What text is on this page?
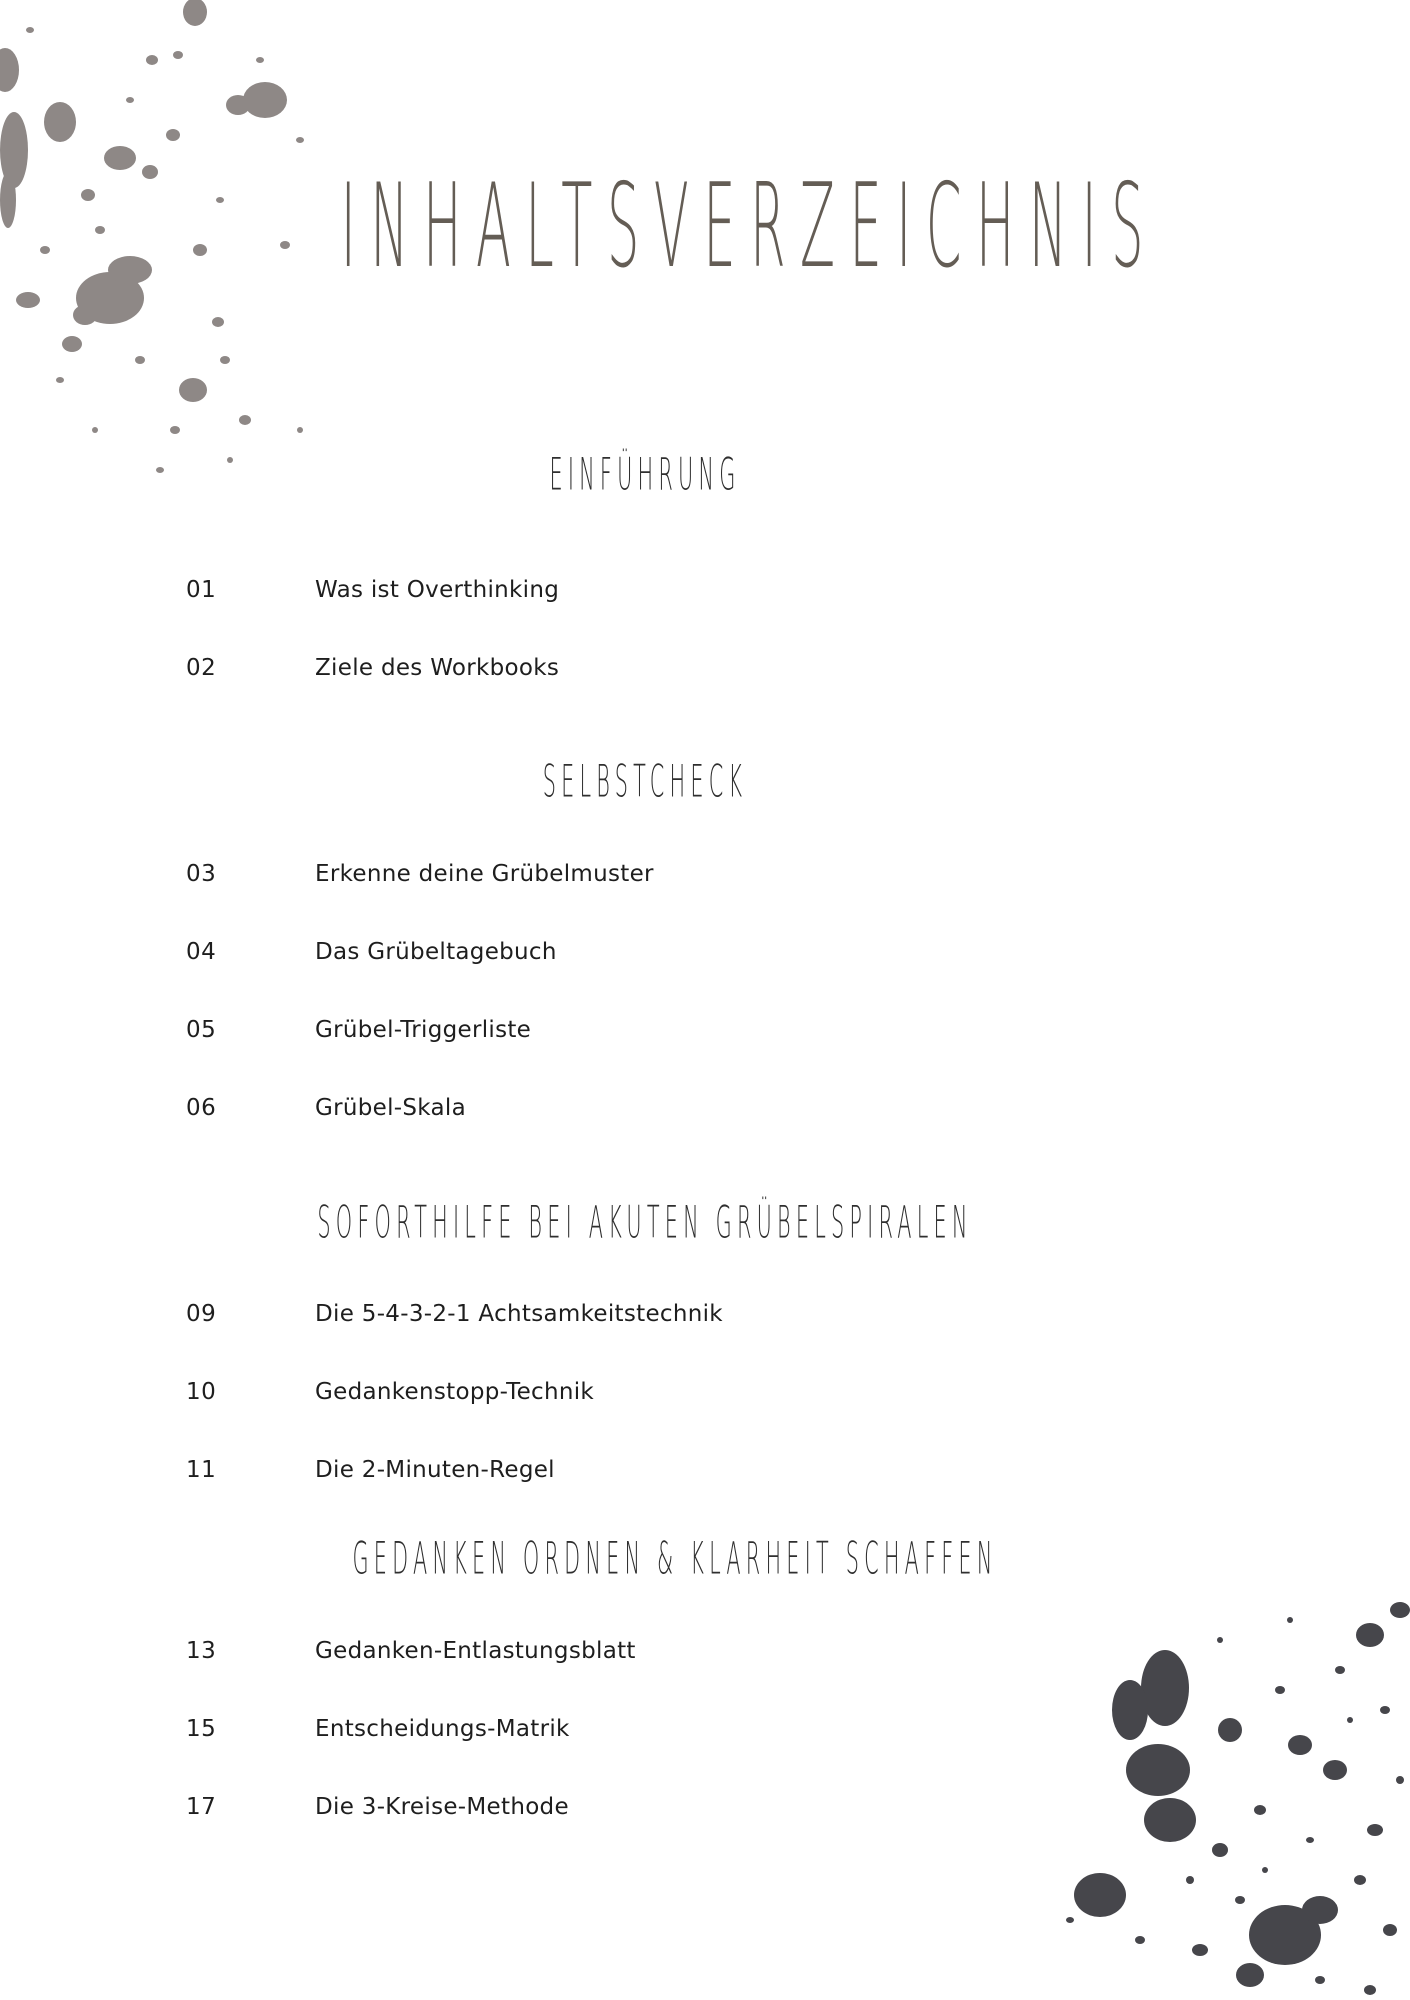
INHALTSVERZEICHNIS
EINFÜHRUNG
01	Was ist Overthinking
02	Ziele des Workbooks
SELBSTCHECK
03	Erkenne deine Grübelmuster
04	Das Grübeltagebuch
05	Grübel-Triggerliste
06	Grübel-Skala
SOFORTHILFE BEI AKUTEN GRÜBELSPIRALEN
09	Die 5-4-3-2-1 Achtsamkeitstechnik
10	Gedankenstopp-Technik
11	Die 2-Minuten-Regel
GEDANKEN ORDNEN & KLARHEIT SCHAFFEN
13	Gedanken-Entlastungsblatt
15	Entscheidungs-Matrik
17	Die 3-Kreise-Methode
